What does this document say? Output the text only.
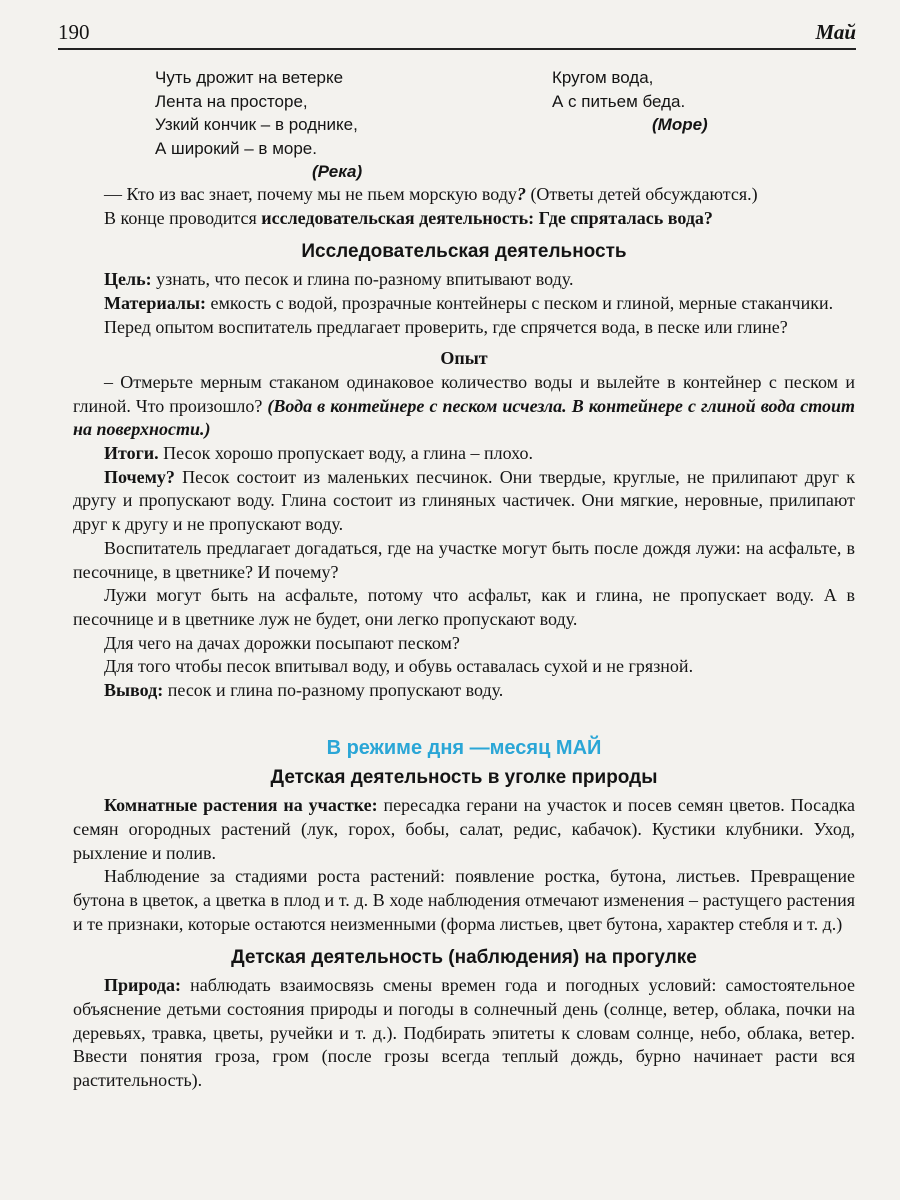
190	Май
Чуть дрожит на ветерке
Лента на просторе,
Узкий кончик – в роднике,
А широкий – в море.
(Река)
Кругом вода,
А с питьем беда.
(Море)

— Кто из вас знает, почему мы не пьем морскую воду? (Ответы детей обсуждаются.)

В конце проводится исследовательская деятельность: Где спряталась вода?

Исследовательская деятельность

Цель: узнать, что песок и глина по-разному впитывают воду.

Материалы: емкость с водой, прозрачные контейнеры с песком и глиной, мерные стаканчики.

Перед опытом воспитатель предлагает проверить, где спрячется вода, в песке или глине?

Опыт

– Отмерьте мерным стаканом одинаковое количество воды и вылейте в контейнер с песком и глиной. Что произошло? (Вода в контейнере с песком исчезла. В контейнере с глиной вода стоит на поверхности.)

Итоги. Песок хорошо пропускает воду, а глина – плохо.

Почему? Песок состоит из маленьких песчинок. Они твердые, круглые, не прилипают друг к другу и пропускают воду. Глина состоит из глиняных частичек. Они мягкие, неровные, прилипают друг к другу и не пропускают воду.

Воспитатель предлагает догадаться, где на участке могут быть после дождя лужи: на асфальте, в песочнице, в цветнике? И почему?

Лужи могут быть на асфальте, потому что асфальт, как и глина, не пропускает воду. А в песочнице и в цветнике луж не будет, они легко пропускают воду.

Для чего на дачах дорожки посыпают песком?

Для того чтобы песок впитывал воду, и обувь оставалась сухой и не грязной.

Вывод: песок и глина по-разному пропускают воду.

В режиме дня —месяц МАЙ
Детская деятельность в уголке природы

Комнатные растения на участке: пересадка герани на участок и посев семян цветов. Посадка семян огородных растений (лук, горох, бобы, салат, редис, кабачок). Кустики клубники. Уход, рыхление и полив.

Наблюдение за стадиями роста растений: появление ростка, бутона, листьев. Превращение бутона в цветок, а цветка в плод и т. д. В ходе наблюдения отмечают изменения – растущего растения и те признаки, которые остаются неизменными (форма листьев, цвет бутона, характер стебля и т. д.)

Детская деятельность (наблюдения) на прогулке

Природа: наблюдать взаимосвязь смены времен года и погодных условий: самостоятельное объяснение детьми состояния природы и погоды в солнечный день (солнце, ветер, облака, почки на деревьях, травка, цветы, ручейки и т. д.). Подбирать эпитеты к словам солнце, небо, облака, ветер. Ввести понятия гроза, гром (после грозы всегда теплый дождь, бурно начинает расти вся растительность).
